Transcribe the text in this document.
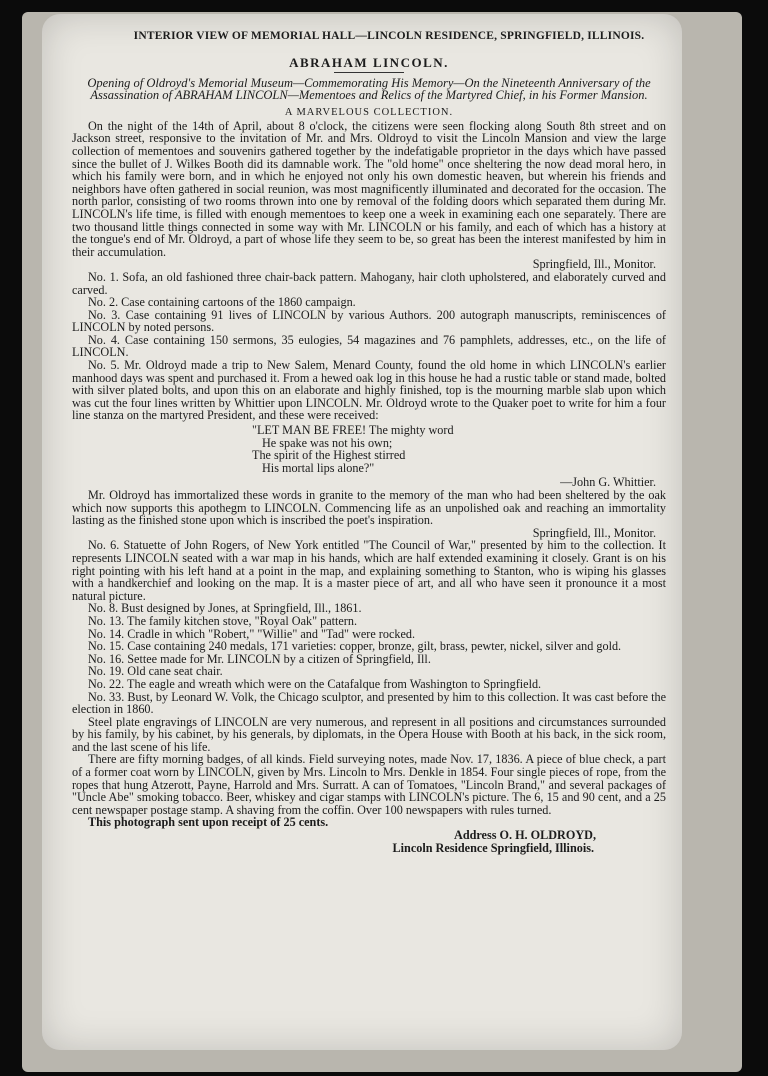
INTERIOR VIEW OF MEMORIAL HALL—LINCOLN RESIDENCE, SPRINGFIELD, ILLINOIS.
ABRAHAM LINCOLN.
Opening of Oldroyd's Memorial Museum—Commemorating His Memory—On the Nineteenth Anniversary of the Assassination of ABRAHAM LINCOLN—Mementoes and Relics of the Martyred Chief, in his Former Mansion.
A MARVELOUS COLLECTION.

On the night of the 14th of April, about 8 o'clock, the citizens were seen flocking along South 8th street and on Jackson street, responsive to the invitation of Mr. and Mrs. Oldroyd to visit the Lincoln Mansion and view the large collection of mementoes and souvenirs gathered together by the indefatigable proprietor in the days which have passed since the bullet of J. Wilkes Booth did its damnable work. The "old home" once sheltering the now dead moral hero, in which his family were born, and in which he enjoyed not only his own domestic heaven, but wherein his friends and neighbors have often gathered in social reunion, was most magnificently illuminated and decorated for the occasion. The north parlor, consisting of two rooms thrown into one by removal of the folding doors which separated them during Mr. LINCOLN's life time, is filled with enough mementoes to keep one a week in examining each one separately. There are two thousand little things connected in some way with Mr. LINCOLN or his family, and each of which has a history at the tongue's end of Mr. Oldroyd, a part of whose life they seem to be, so great has been the interest manifested by him in their accumulation.

Springfield, Ill., Monitor.

No. 1. Sofa, an old fashioned three chair-back pattern. Mahogany, hair cloth upholstered, and elaborately curved and carved.

No. 2. Case containing cartoons of the 1860 campaign.

No. 3. Case containing 91 lives of LINCOLN by various Authors. 200 autograph manuscripts, reminiscences of LINCOLN by noted persons.

No. 4. Case containing 150 sermons, 35 eulogies, 54 magazines and 76 pamphlets, addresses, etc., on the life of LINCOLN.

No. 5. Mr. Oldroyd made a trip to New Salem, Menard County, found the old home in which LINCOLN's earlier manhood days was spent and purchased it. From a hewed oak log in this house he had a rustic table or stand made, bolted with silver plated bolts, and upon this on an elaborate and highly finished, top is the mourning marble slab upon which was cut the four lines written by Whittier upon LINCOLN. Mr. Oldroyd wrote to the Quaker poet to write for him a four line stanza on the martyred President, and these were received:

"LET MAN BE FREE! The mighty word
He spake was not his own;
The spirit of the Highest stirred
His mortal lips alone?"

—John G. Whittier.

Mr. Oldroyd has immortalized these words in granite to the memory of the man who had been sheltered by the oak which now supports this apothegm to LINCOLN. Commencing life as an unpolished oak and reaching an immortality lasting as the finished stone upon which is inscribed the poet's inspiration.

Springfield, Ill., Monitor.

No. 6. Statuette of John Rogers, of New York entitled "The Council of War," presented by him to the collection. It represents LINCOLN seated with a war map in his hands, which are half extended examining it closely. Grant is on his right pointing with his left hand at a point in the map, and explaining something to Stanton, who is wiping his glasses with a handkerchief and looking on the map. It is a master piece of art, and all who have seen it pronounce it a most natural picture.

No. 8. Bust designed by Jones, at Springfield, Ill., 1861.

No. 13. The family kitchen stove, "Royal Oak" pattern.

No. 14. Cradle in which "Robert," "Willie" and "Tad" were rocked.

No. 15. Case containing 240 medals, 171 varieties: copper, bronze, gilt, brass, pewter, nickel, silver and gold.

No. 16. Settee made for Mr. LINCOLN by a citizen of Springfield, Ill.

No. 19. Old cane seat chair.

No. 22. The eagle and wreath which were on the Catafalque from Washington to Springfield.

No. 33. Bust, by Leonard W. Volk, the Chicago sculptor, and presented by him to this collection. It was cast before the election in 1860.

Steel plate engravings of LINCOLN are very numerous, and represent in all positions and circumstances surrounded by his family, by his cabinet, by his generals, by diplomats, in the Opera House with Booth at his back, in the sick room, and the last scene of his life.

There are fifty morning badges, of all kinds. Field surveying notes, made Nov. 17, 1836. A piece of blue check, a part of a former coat worn by LINCOLN, given by Mrs. Lincoln to Mrs. Denkle in 1854. Four single pieces of rope, from the ropes that hung Atzerott, Payne, Harrold and Mrs. Surratt. A can of Tomatoes, "Lincoln Brand," and several packages of "Uncle Abe" smoking tobacco. Beer, whiskey and cigar stamps with LINCOLN's picture. The 6, 15 and 90 cent, and a 25 cent newspaper postage stamp. A shaving from the coffin. Over 100 newspapers with rules turned.

This photograph sent upon receipt of 25 cents.

Address O. H. OLDROYD,

Lincoln Residence Springfield, Illinois.
